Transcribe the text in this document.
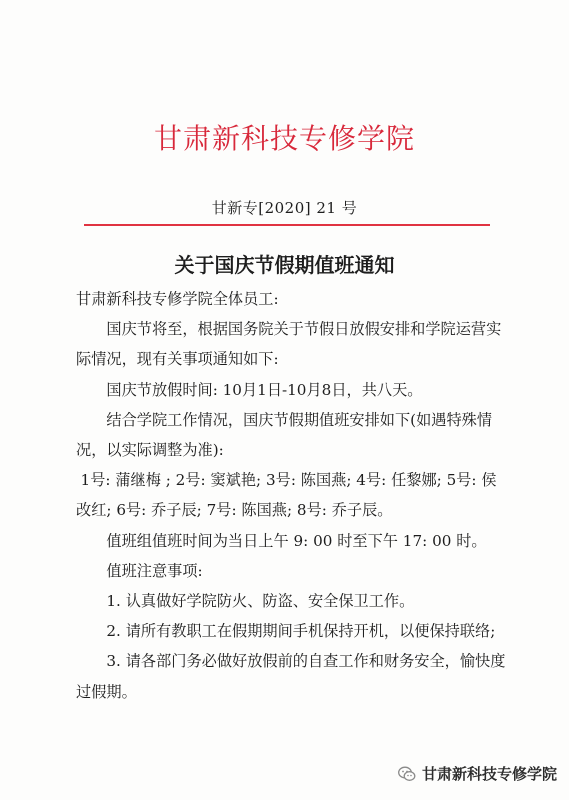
甘肃新科技专修学院
甘新专[2020] 21 号
关于国庆节假期值班通知

甘肃新科技专修学院全体员工:

国庆节将至，根据国务院关于节假日放假安排和学院运营实际情况，现有关事项通知如下:

国庆节放假时间: 10月1日-10月8日，共八天。

结合学院工作情况，国庆节假期值班安排如下(如遇特殊情况，以实际调整为准):

1号: 蒲继梅 ; 2号: 窦斌艳; 3号: 陈国燕; 4号: 任黎娜; 5号: 侯改红; 6号: 乔子辰; 7号: 陈国燕; 8号: 乔子辰。

值班组值班时间为当日上午 9: 00 时至下午 17: 00 时。

值班注意事项:

1. 认真做好学院防火、防盗、安全保卫工作。

2. 请所有教职工在假期期间手机保持开机，以便保持联络;

3. 请各部门务必做好放假前的自查工作和财务安全，愉快度过假期。

甘肃新科技专修学院
